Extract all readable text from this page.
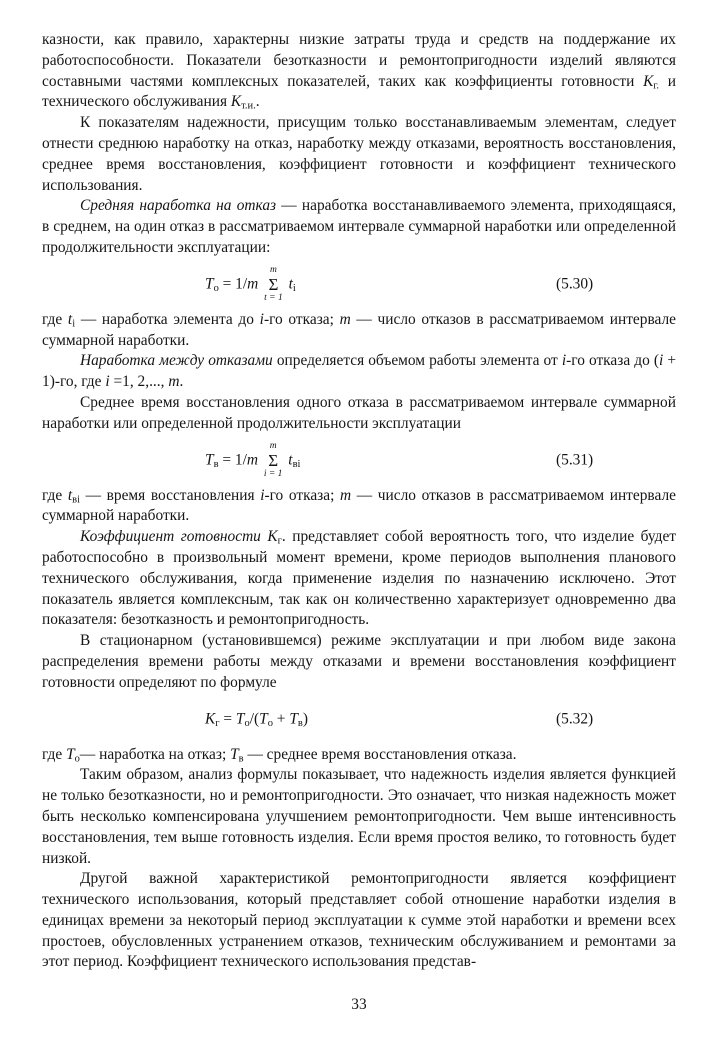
казности, как правило, характерны низкие затраты труда и средств на поддержание их работоспособности. Показатели безотказности и ремонтопригодности изделий являются составными частями комплексных показателей, таких как коэффициенты готовности $К_{г.}$ и технического обслуживания $К_{т.и.}$.

К показателям надежности, присущим только восстанавливаемым элементам, следует отнести среднюю наработку на отказ, наработку между отказами, вероятность восстановления, среднее время восстановления, коэффициент готовности и коэффициент технического использования.

Средняя наработка на отказ — наработка восстанавливаемого элемента, приходящаяся, в среднем, на один отказ в рассматриваемом интервале суммарной наработки или определенной продолжительности эксплуатации:

$Т_о = 1/m$
m
Σ
t = 1
$t_i$	(5.30)

где $t_i$ — наработка элемента до i-го отказа; m — число отказов в рассматриваемом интервале суммарной наработки.

Наработка между отказами определяется объемом работы элемента от i-го отказа до (i + 1)-го, где i =1, 2,..., m.

Среднее время восстановления одного отказа в рассматриваемом интервале суммарной наработки или определенной продолжительности эксплуатации

$Т_в = 1/m$
m
Σ
i = 1
$t_{вi}$	(5.31)

где $t_{вi}$ — время восстановления i-го отказа; m — число отказов в рассматриваемом интервале суммарной наработки.

Коэффициент готовности $К_г$. представляет собой вероятность того, что изделие будет работоспособно в произвольный момент времени, кроме периодов выполнения планового технического обслуживания, когда применение изделия по назначению исключено. Этот показатель является комплексным, так как он количественно характеризует одновременно два показателя: безотказность и ремонтопригодность.

В стационарном (установившемся) режиме эксплуатации и при любом виде закона распределения времени работы между отказами и времени восстановления коэффициент готовности определяют по формуле

$К_г = Т_о/(Т_о + Т_в)$	(5.32)

где $Т_о—$ наработка на отказ; $Т_в$ — среднее время восстановления отказа.

Таким образом, анализ формулы показывает, что надежность изделия является функцией не только безотказности, но и ремонтопригодности. Это означает, что низкая надежность может быть несколько компенсирована улучшением ремонтопригодности. Чем выше интенсивность восстановления, тем выше готовность изделия. Если время простоя велико, то готовность будет низкой.

Другой важной характеристикой ремонтопригодности является коэффициент технического использования, который представляет собой отношение наработки изделия в единицах времени за некоторый период эксплуатации к сумме этой наработки и времени всех простоев, обусловленных устранением отказов, техническим обслуживанием и ремонтами за этот период. Коэффициент технического использования представ-

33
